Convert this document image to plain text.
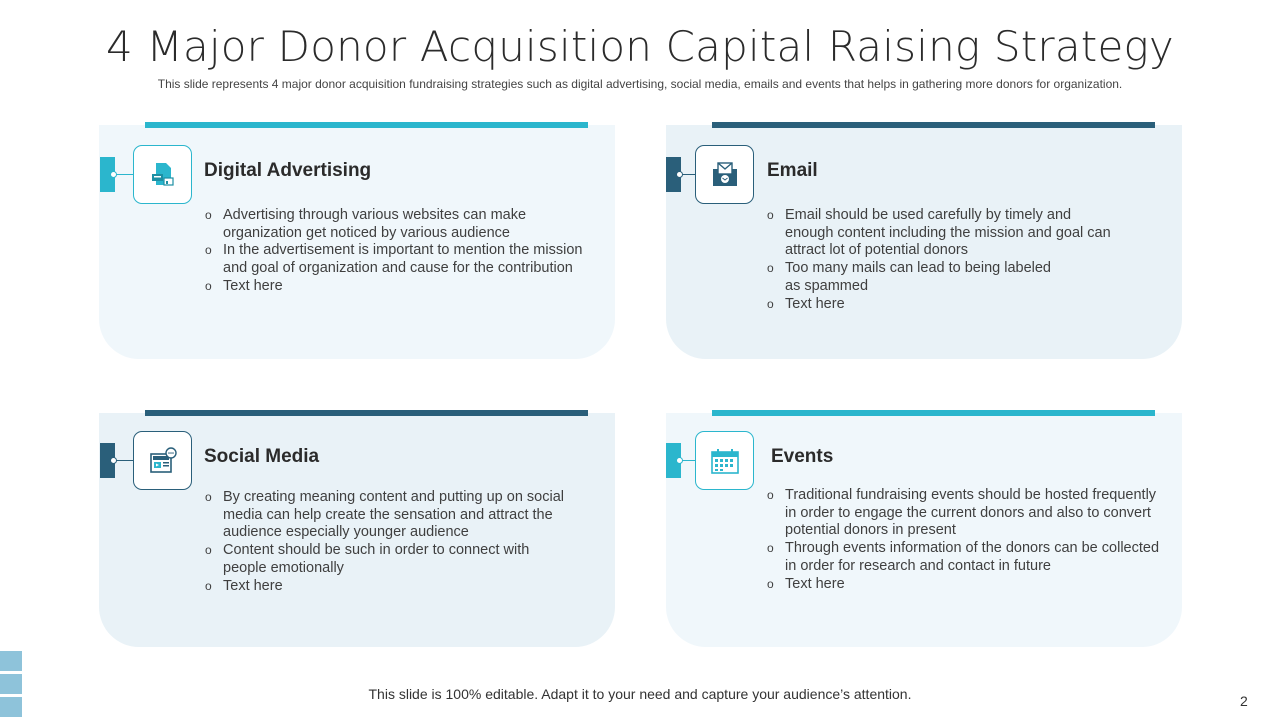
4 Major Donor Acquisition Capital Raising Strategy
This slide represents 4 major donor acquisition fundraising strategies such as digital advertising, social media, emails and events that helps in gathering more donors for organization.
Digital Advertising
o Advertising through various websites can make organization get noticed by various audience
o In the advertisement is important to mention the mission and goal of organization and cause for the contribution
o Text here
Email
o Email should be used carefully by timely and enough content including the mission and goal can attract lot of potential donors
o Too many mails can lead to being labeled as spammed
o Text here
Social Media
o By creating meaning content and putting up on social media can help create the sensation and attract the audience especially younger audience
o Content should be such in order to connect with people emotionally
o Text here
Events
o Traditional fundraising events should be hosted frequently in order to engage the current donors and also to convert potential donors in present
o Through events information of the donors can be collected in order for research and contact in future
o Text here
This slide is 100% editable. Adapt it to your need and capture your audience’s attention.	2
